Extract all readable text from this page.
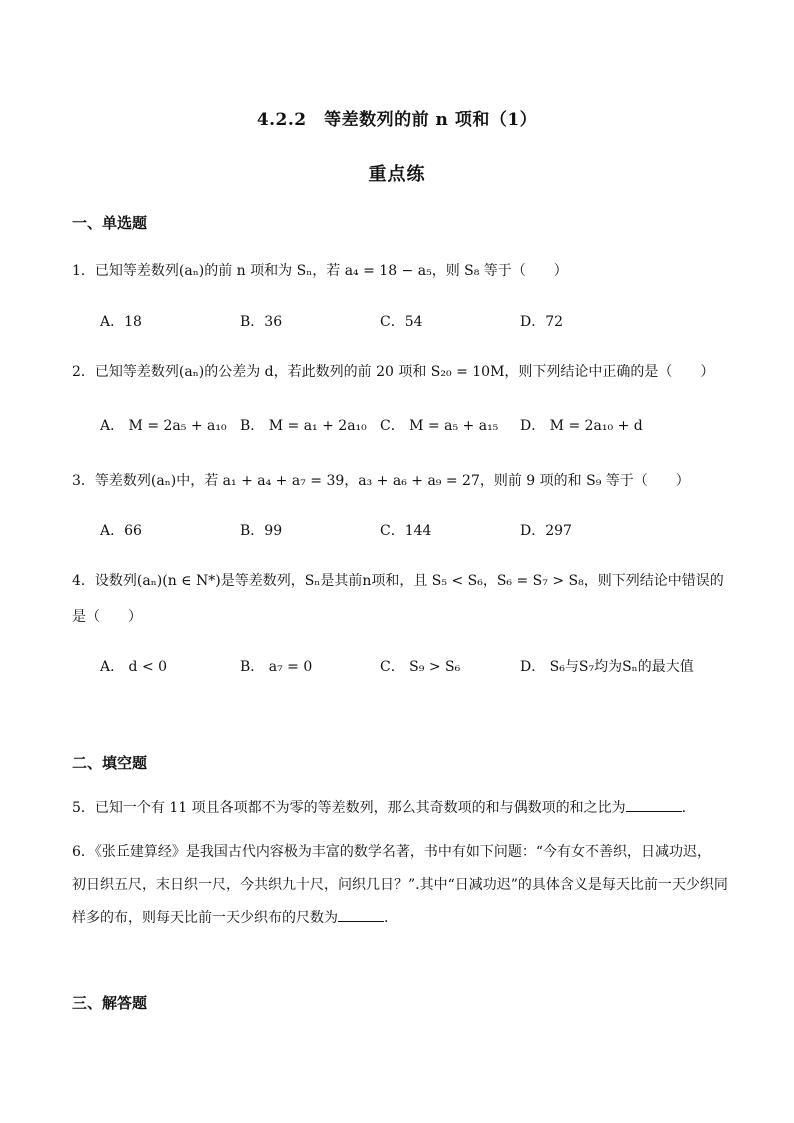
4.2.2　等差数列的前 n 项和（1）
重点练
一、单选题
1．已知等差数列(aₙ)的前 n 项和为 Sₙ，若 a₄ = 18 − a₅，则 S₈ 等于（　　）
A．18	B．36	C．54	D．72
2．已知等差数列(aₙ)的公差为 d，若此数列的前 20 项和 S₂₀ = 10M，则下列结论中正确的是（　　）
A． M = 2a₅ + a₁₀ B． M = a₁ + 2a₁₀ C． M = a₅ + a₁₅ D． M = 2a₁₀ + d
3．等差数列(aₙ)中，若 a₁ + a₄ + a₇ = 39，a₃ + a₆ + a₉ = 27，则前 9 项的和 S₉ 等于（　　）
A．66	B．99	C．144	D．297
4．设数列(aₙ)(n ∈ N*)是等差数列，Sₙ是其前n项和，且 S₅ < S₆，S₆ = S₇ > S₈，则下列结论中错误的
是（　　）
A． d < 0	B． a₇ = 0	C． S₉ > S₆	D． S₆与S₇均为Sₙ的最大值
二、填空题
5．已知一个有 11 项且各项都不为零的等差数列，那么其奇数项的和与偶数项的和之比为	.
6．《张丘建算经》是我国古代内容极为丰富的数学名著，书中有如下问题：“今有女不善织，日减功迟，
初日织五尺，末日织一尺，今共织九十尺，问织几日？”.其中“日减功迟”的具体含义是每天比前一天少织同
样多的布，则每天比前一天少织布的尺数为	.
三、解答题
